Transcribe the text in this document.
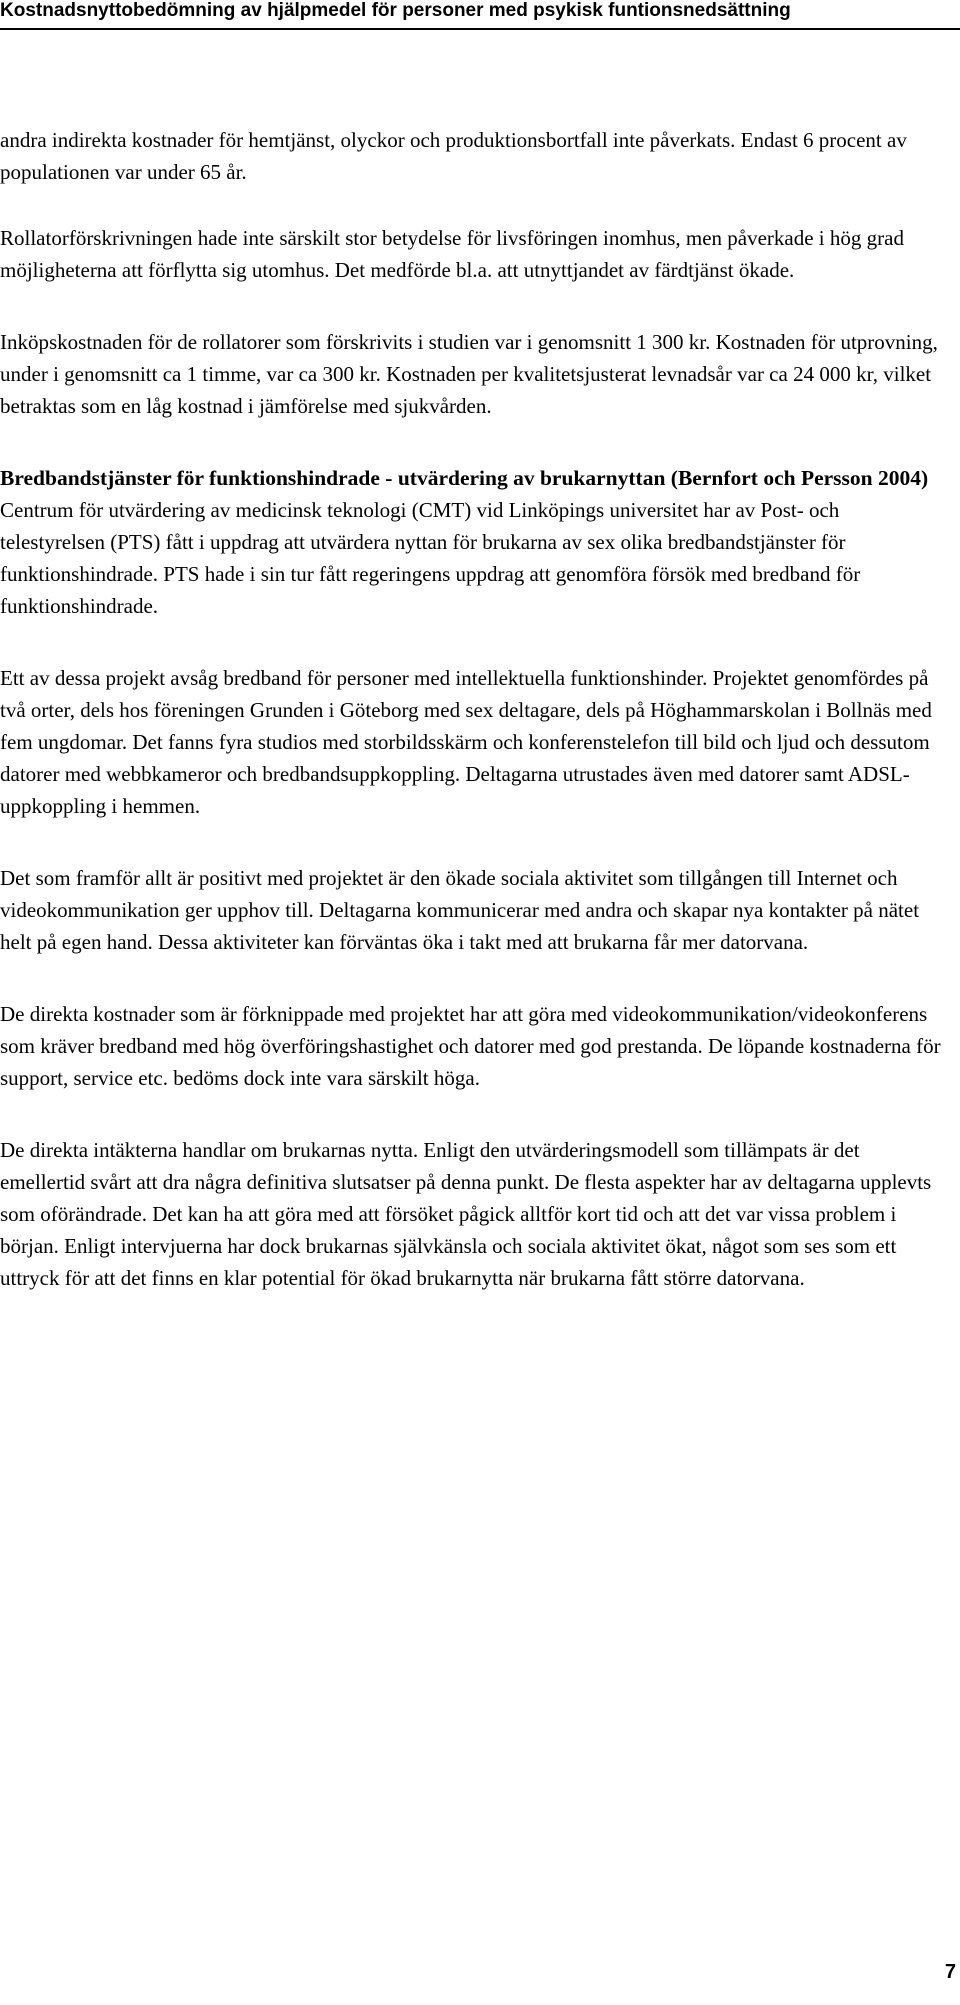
Kostnadsnyttobedömning av hjälpmedel för personer med psykisk funtionsnedsättning

andra indirekta kostnader för hemtjänst, olyckor och produktionsbortfall inte påverkats. Endast 6 procent av populationen var under 65 år.

Rollatorförskrivningen hade inte särskilt stor betydelse för livsföringen inomhus, men påverkade i hög grad möjligheterna att förflytta sig utomhus. Det medförde bl.a. att utnyttjandet av färdtjänst ökade.

Inköpskostnaden för de rollatorer som förskrivits i studien var i genomsnitt 1 300 kr. Kostnaden för utprovning, under i genomsnitt ca 1 timme, var ca 300 kr. Kostnaden per kvalitetsjusterat levnadsår var ca 24 000 kr, vilket betraktas som en låg kostnad i jämförelse med sjukvården.

Bredbandstjänster för funktionshindrade - utvärdering av brukarnyttan (Bernfort och Persson 2004)

Centrum för utvärdering av medicinsk teknologi (CMT) vid Linköpings universitet har av Post- och telestyrelsen (PTS) fått i uppdrag att utvärdera nyttan för brukarna av sex olika bredbandstjänster för funktionshindrade. PTS hade i sin tur fått regeringens uppdrag att genomföra försök med bredband för funktionshindrade.

Ett av dessa projekt avsåg bredband för personer med intellektuella funktionshinder. Projektet genomfördes på två orter, dels hos föreningen Grunden i Göteborg med sex deltagare, dels på Höghammarskolan i Bollnäs med fem ungdomar. Det fanns fyra studios med storbildsskärm och konferenstelefon till bild och ljud och dessutom datorer med webbkameror och bredbandsuppkoppling. Deltagarna utrustades även med datorer samt ADSL-uppkoppling i hemmen.

Det som framför allt är positivt med projektet är den ökade sociala aktivitet som tillgången till Internet och videokommunikation ger upphov till. Deltagarna kommunicerar med andra och skapar nya kontakter på nätet helt på egen hand. Dessa aktiviteter kan förväntas öka i takt med att brukarna får mer datorvana.

De direkta kostnader som är förknippade med projektet har att göra med videokommunikation/videokonferens som kräver bredband med hög överföringshastighet och datorer med god prestanda. De löpande kostnaderna för support, service etc. bedöms dock inte vara särskilt höga.

De direkta intäkterna handlar om brukarnas nytta. Enligt den utvärderingsmodell som tillämpats är det emellertid svårt att dra några definitiva slutsatser på denna punkt. De flesta aspekter har av deltagarna upplevts som oförändrade. Det kan ha att göra med att försöket pågick alltför kort tid och att det var vissa problem i början. Enligt intervjuerna har dock brukarnas självkänsla och sociala aktivitet ökat, något som ses som ett uttryck för att det finns en klar potential för ökad brukarnytta när brukarna fått större datorvana.

7
